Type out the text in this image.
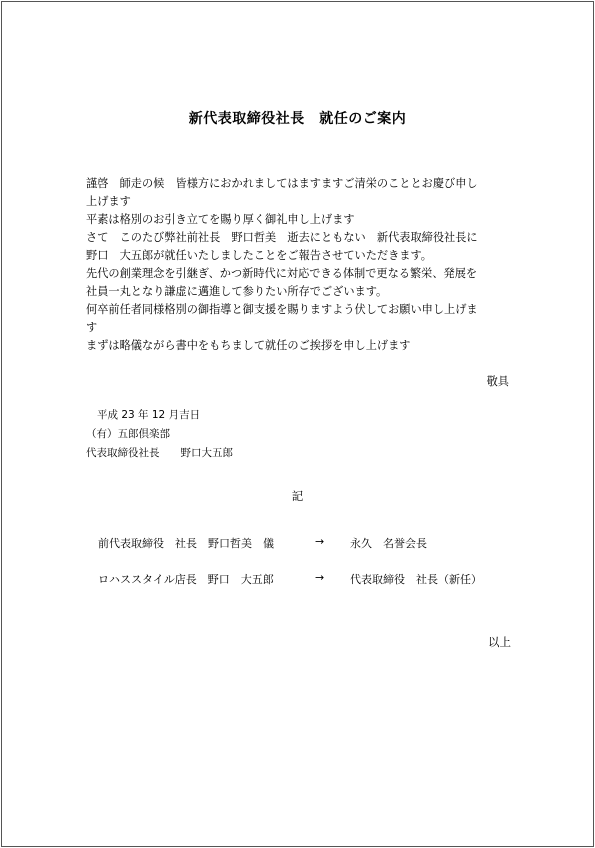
新代表取締役社長　就任のご案内
謹啓　師走の候　皆様方におかれましてはますますご清栄のこととお慶び申し
上げます
平素は格別のお引き立てを賜り厚く御礼申し上げます
さて　このたび弊社前社長　野口哲美　逝去にともない　新代表取締役社長に
野口　大五郎が就任いたしましたことをご報告させていただきます。
先代の創業理念を引継ぎ、かつ新時代に対応できる体制で更なる繁栄、発展を
社員一丸となり謙虚に邁進して参りたい所存でございます。
何卒前任者同様格別の御指導と御支援を賜りますよう伏してお願い申し上げま
す
まずは略儀ながら書中をもちまして就任のご挨拶を申し上げます
敬具
平成 23 年 12 月吉日
（有）五郎倶楽部
代表取締役社長　　野口大五郎
記
前代表取締役　社長　野口哲美　儀	→ 永久　名誉会長
ロハススタイル店長　野口　大五郎	→ 代表取締役　社長（新任）
以上
